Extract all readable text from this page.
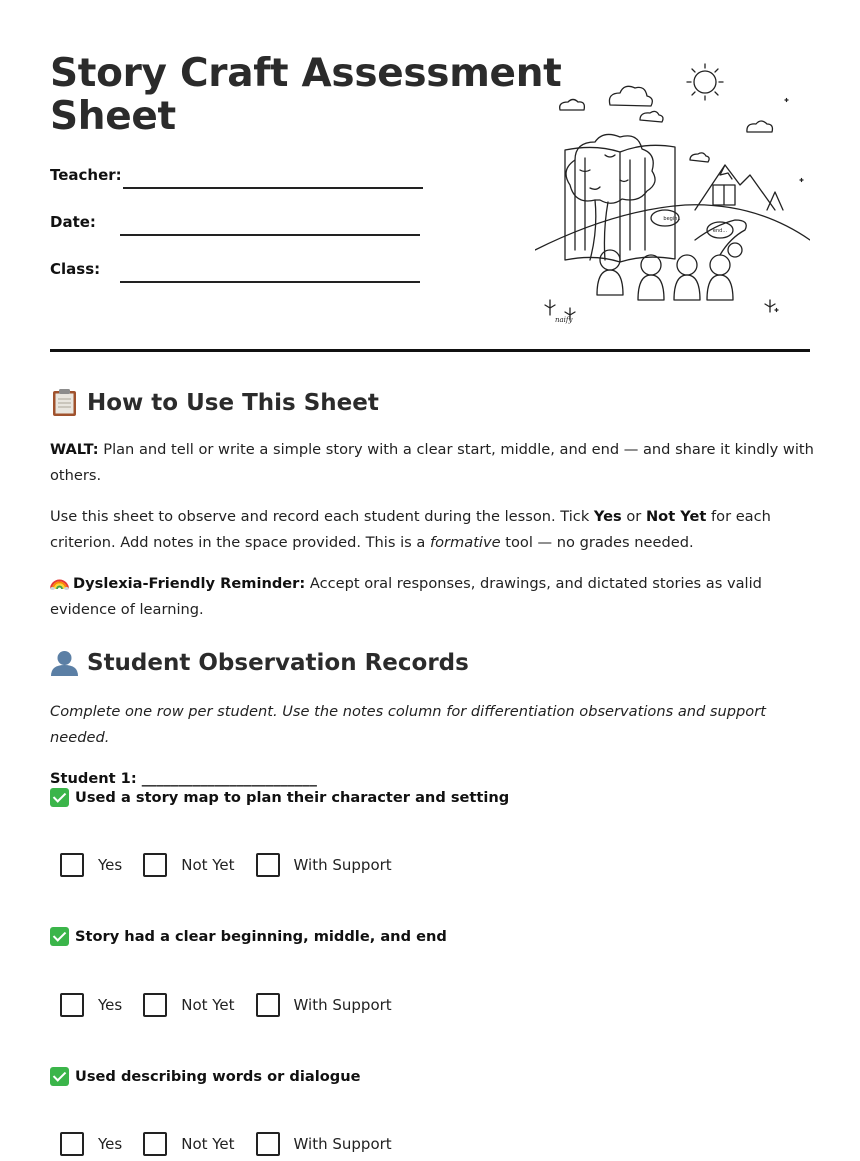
Story Craft Assessment
Sheet
Teacher:
Date:
Class:
begin..
end...
naify
How to Use This Sheet

WALT: Plan and tell or write a simple story with a clear start, middle, and end — and share it kindly with others.

Use this sheet to observe and record each student during the lesson. Tick Yes or Not Yet for each criterion. Add notes in the space provided. This is a formative tool — no grades needed.

Dyslexia-Friendly Reminder: Accept oral responses, drawings, and dictated stories as valid evidence of learning.

Student Observation Records

Complete one row per student. Use the notes column for differentiation observations and support needed.

Student 1: ________________________

Used a story map to plan their character and setting
Yes	Not Yet	With Support
Story had a clear beginning, middle, and end
Yes	Not Yet	With Support
Used describing words or dialogue
Yes	Not Yet	With Support
